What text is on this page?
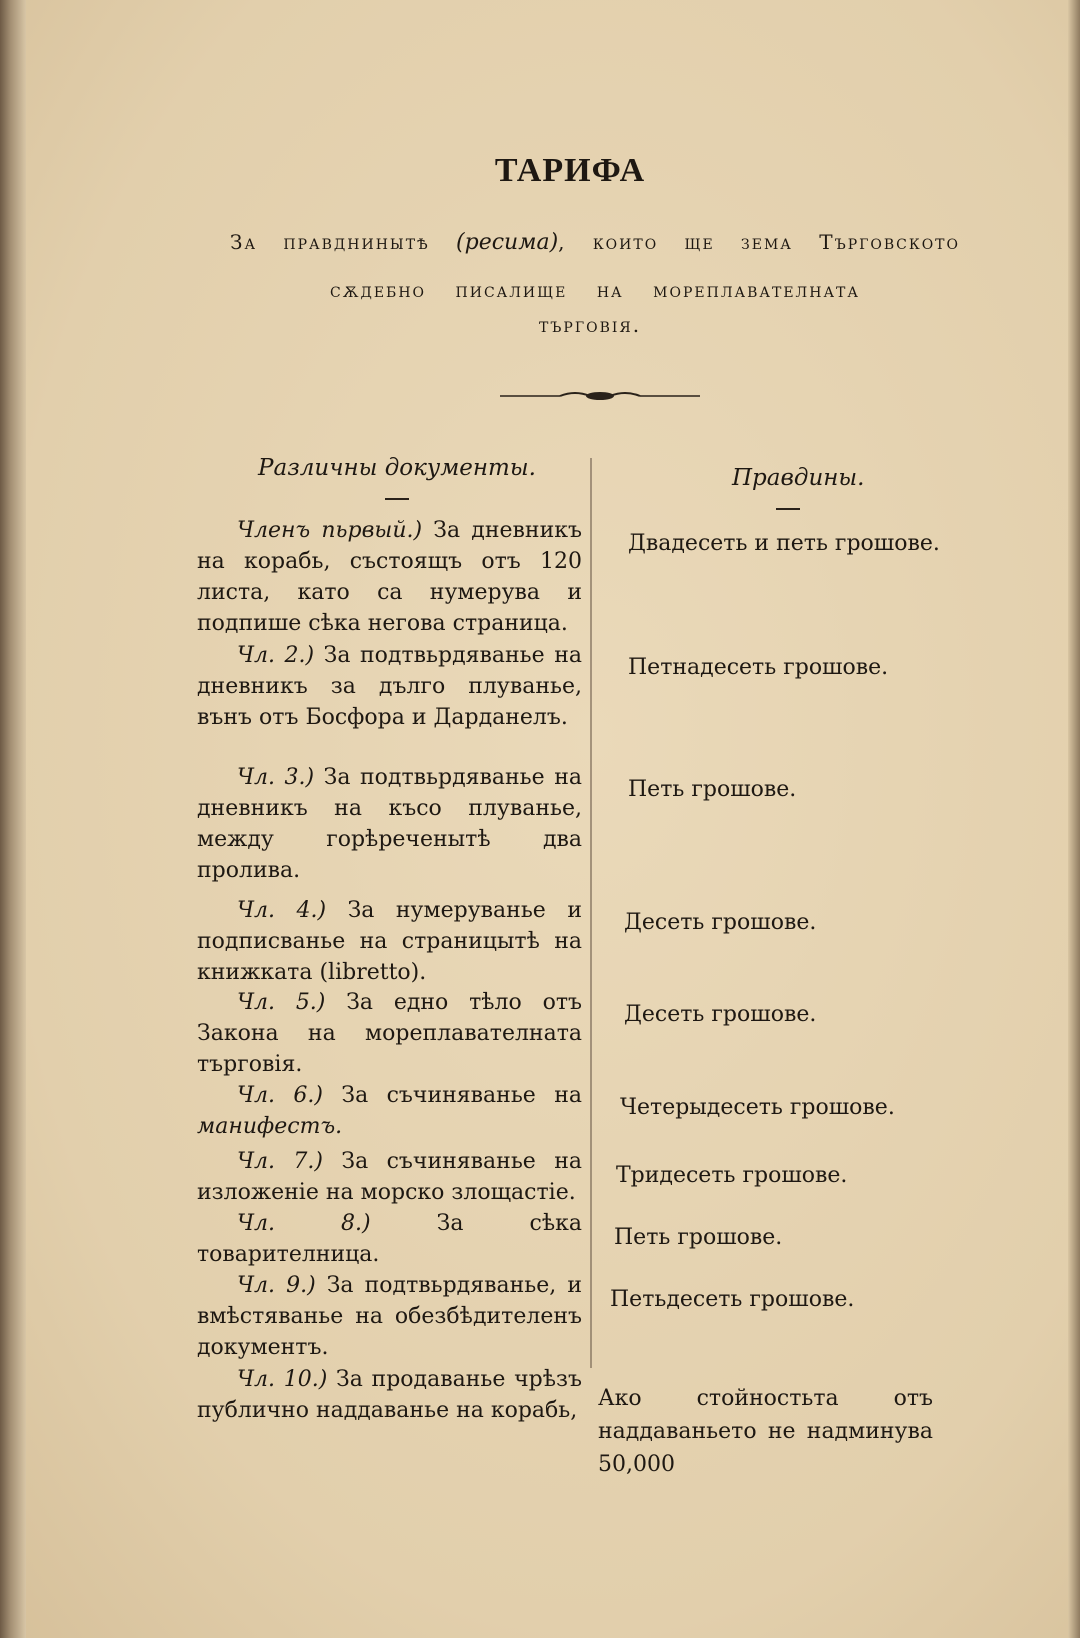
ТАРИФА
За правднинытѣ (ресима), които ще зема Търговското
сѫдебно писалище на мореплавателната
търговія.
Различны документы.	Правдины.
Членъ пьрвый.) За дневникъ на корабь, състоящъ отъ 120 листа, като са нумерува и подпише сѣка негова страница.
Двадесеть и петь грошове.
Чл. 2.) За подтвьрдяванье на дневникъ за дълго плуванье, вънъ отъ Босфора и Дарданелъ.
Петнадесеть грошове.
Чл. 3.) За подтвьрдяванье на дневникъ на късо плуванье, между горѣреченытѣ два пролива.
Петь грошове.
Чл. 4.) За нумеруванье и подписванье на страницытѣ на книжката (libretto).
Десеть грошове.
Чл. 5.) За едно тѣло отъ Закона на мореплавателната търговія.
Десеть грошове.
Чл. 6.) За съчиняванье на манифестъ.
Четерыдесеть грошове.
Чл. 7.) За съчиняванье на изложеніе на морско злощастіе.
Тридесеть грошове.
Чл. 8.) За сѣка товарителница.
Петь грошове.
Чл. 9.) За подтвьрдяванье, и вмѣстяванье на обезбѣдителенъ документъ.
Петьдесеть грошове.
Чл. 10.) За продаванье чрѣзъ публично наддаванье на корабь, Ако стойностьта отъ наддаваньето не надминува 50,000
